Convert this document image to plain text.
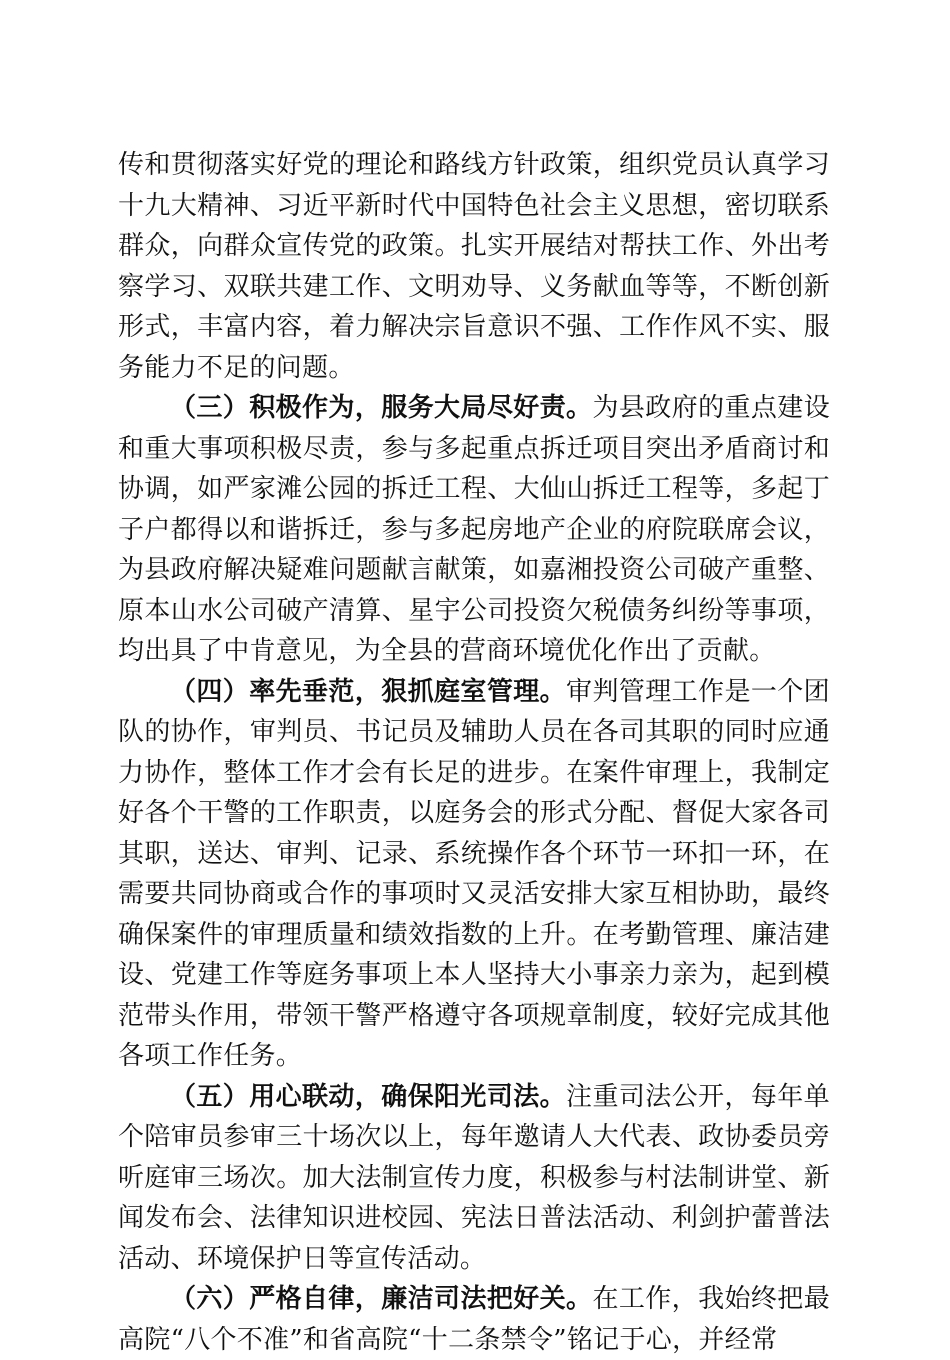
传和贯彻落实好党的理论和路线方针政策，组织党员认真学习十九大精神、习近平新时代中国特色社会主义思想，密切联系群众，向群众宣传党的政策。扎实开展结对帮扶工作、外出考察学习、双联共建工作、文明劝导、义务献血等等，不断创新形式，丰富内容，着力解决宗旨意识不强、工作作风不实、服务能力不足的问题。

（三）积极作为，服务大局尽好责。为县政府的重点建设和重大事项积极尽责，参与多起重点拆迁项目突出矛盾商讨和协调，如严家滩公园的拆迁工程、大仙山拆迁工程等，多起丁子户都得以和谐拆迁，参与多起房地产企业的府院联席会议，为县政府解决疑难问题献言献策，如嘉湘投资公司破产重整、原本山水公司破产清算、星宇公司投资欠税债务纠纷等事项，均出具了中肯意见，为全县的营商环境优化作出了贡献。

（四）率先垂范，狠抓庭室管理。审判管理工作是一个团队的协作，审判员、书记员及辅助人员在各司其职的同时应通力协作，整体工作才会有长足的进步。在案件审理上，我制定好各个干警的工作职责，以庭务会的形式分配、督促大家各司其职，送达、审判、记录、系统操作各个环节一环扣一环，在需要共同协商或合作的事项时又灵活安排大家互相协助，最终确保案件的审理质量和绩效指数的上升。在考勤管理、廉洁建设、党建工作等庭务事项上本人坚持大小事亲力亲为，起到模范带头作用，带领干警严格遵守各项规章制度，较好完成其他各项工作任务。

（五）用心联动，确保阳光司法。注重司法公开，每年单个陪审员参审三十场次以上，每年邀请人大代表、政协委员旁听庭审三场次。加大法制宣传力度，积极参与村法制讲堂、新闻发布会、法律知识进校园、宪法日普法活动、利剑护蕾普法活动、环境保护日等宣传活动。

（六）严格自律，廉洁司法把好关。在工作，我始终把最高院“八个不准”和省高院“十二条禁令”铭记于心，并经常
